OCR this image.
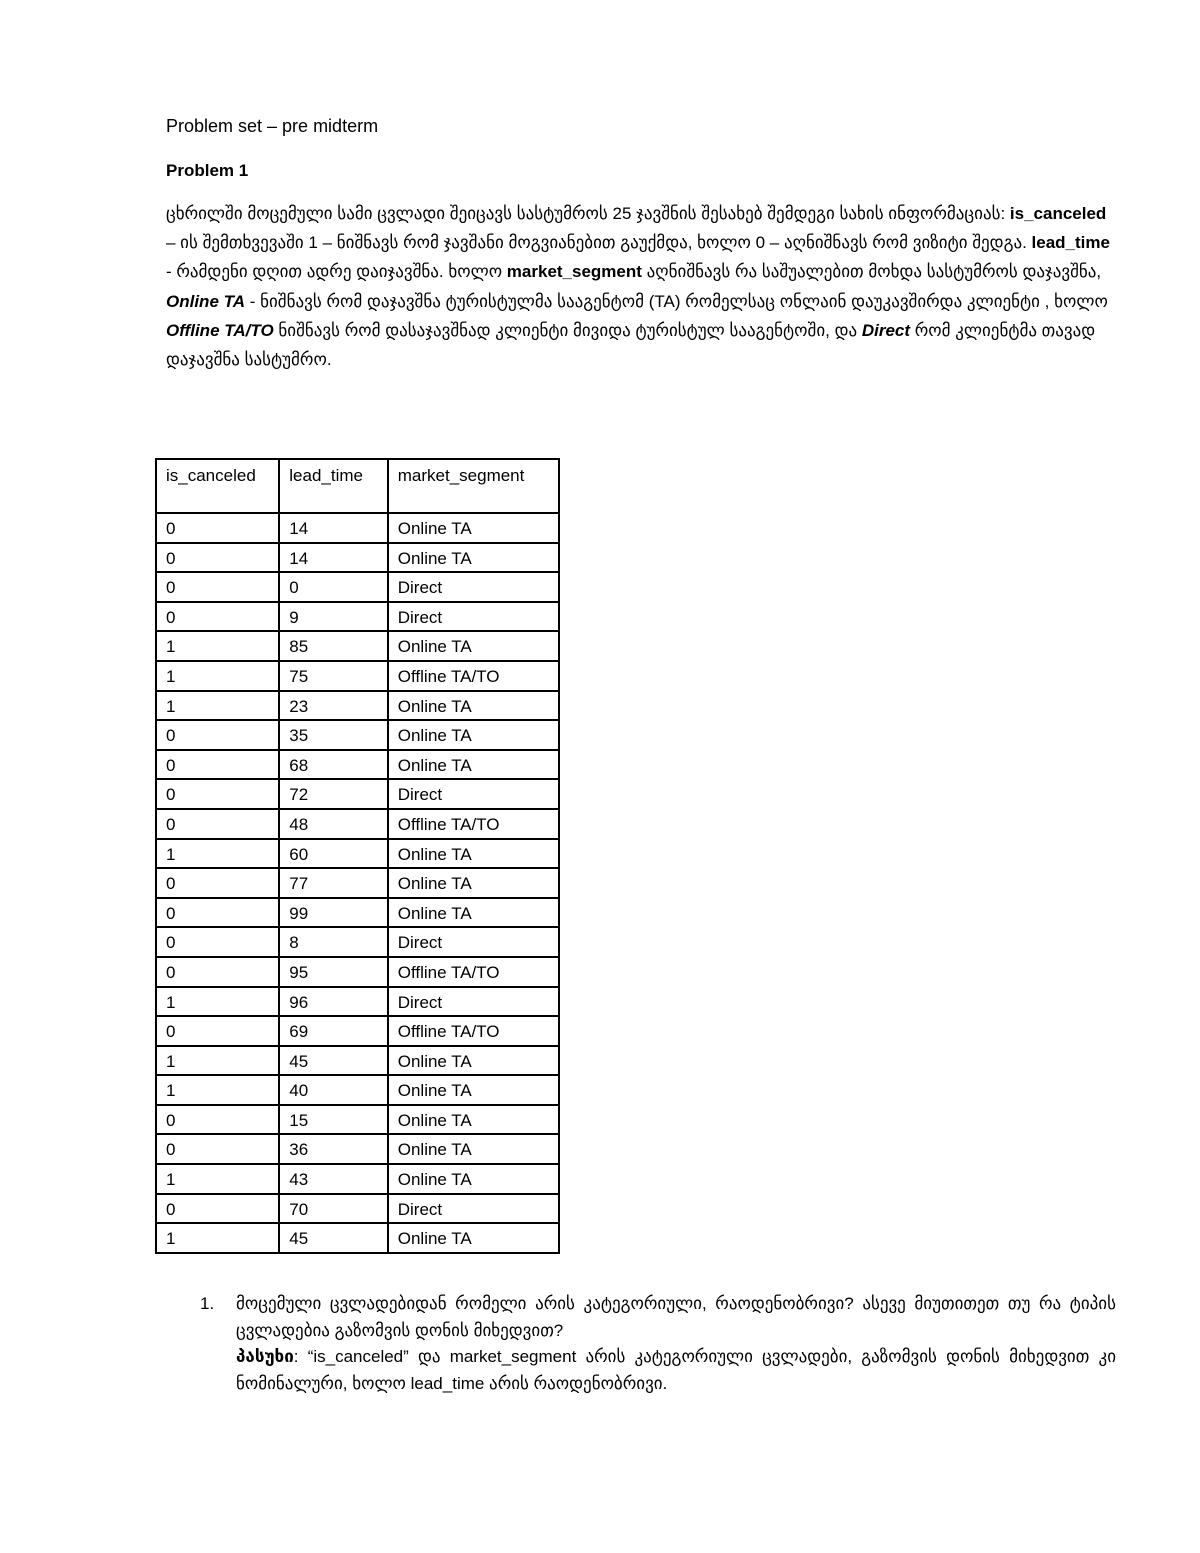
Problem set – pre midterm
Problem 1

ცხრილში მოცემული სამი ცვლადი შეიცავს სასტუმროს 25 ჯავშნის შესახებ შემდეგი სახის ინფორმაციას: is_canceled – ის შემთხვევაში 1 – ნიშნავს რომ ჯავშანი მოგვიანებით გაუქმდა, ხოლო 0 – აღნიშნავს რომ ვიზიტი შედგა. lead_time - რამდენი დღით ადრე დაიჯავშნა. ხოლო market_segment აღნიშნავს რა საშუალებით მოხდა სასტუმროს დაჯავშნა, Online TA - ნიშნავს რომ დაჯავშნა ტურისტულმა სააგენტომ (TA) რომელსაც ონლაინ დაუკავშირდა კლიენტი , ხოლო Offline TA/TO ნიშნავს რომ დასაჯავშნად კლიენტი მივიდა ტურისტულ სააგენტოში, და Direct რომ კლიენტმა თავად დაჯავშნა სასტუმრო.

is_canceled	lead_time	market_segment
0	14	Online TA
0	14	Online TA
0	0	Direct
0	9	Direct
1	85	Online TA
1	75	Offline TA/TO
1	23	Online TA
0	35	Online TA
0	68	Online TA
0	72	Direct
0	48	Offline TA/TO
1	60	Online TA
0	77	Online TA
0	99	Online TA
0	8	Direct
0	95	Offline TA/TO
1	96	Direct
0	69	Offline TA/TO
1	45	Online TA
1	40	Online TA
0	15	Online TA
0	36	Online TA
1	43	Online TA
0	70	Direct
1	45	Online TA
1. მოცემული ცვლადებიდან რომელი არის კატეგორიული, რაოდენობრივი? ასევე მიუთითეთ თუ რა ტიპის ცვლადებია გაზომვის დონის მიხედვით?
პასუხი: “is_canceled” და market_segment არის კატეგორიული ცვლადები, გაზომვის დონის მიხედვით კი ნომინალური, ხოლო lead_time არის რაოდენობრივი.
